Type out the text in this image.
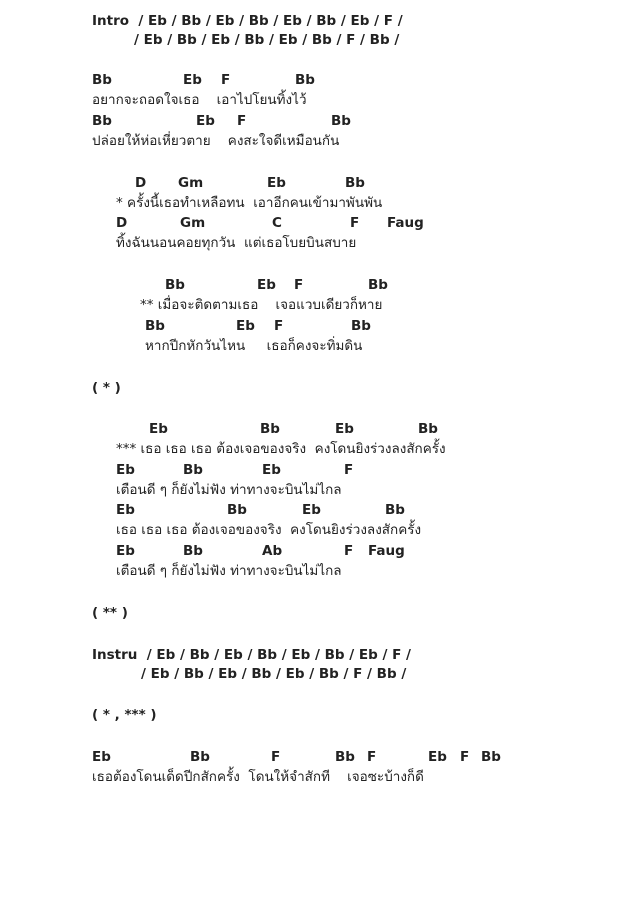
Intro  / Eb / Bb / Eb / Bb / Eb / Bb / Eb / F /
/ Eb / Bb / Eb / Bb / Eb / Bb / F / Bb /

Bb

	Eb

F

	Bb

อยากจะถอดใจเธอ    เอาไปโยนทิ้งไว้

Bb

	Eb

F

	Bb

ปล่อยให้ห่อเหี่ยวตาย    คงสะใจดีเหมือนกัน

D

Gm

	Eb

	Bb

* ครั้งนี้เธอทำเหลือทน  เอาอีกคนเข้ามาพันพัน

D

	Gm

	C

	F

Faug

ทิ้งฉันนอนคอยทุกวัน  แต่เธอโบยบินสบาย

Bb

	Eb

F

	Bb

** เมื่อจะติดตามเธอ    เจอแวบเดียวก็หาย

Bb

	Eb

F

	Bb

หากปีกหักวันไหน     เธอก็คงจะทิ่มดิน
( * )

Eb

	Bb

	Eb

	Bb

*** เธอ เธอ เธอ ต้องเจอของจริง  คงโดนยิงร่วงลงสักครั้ง

Eb

	Bb

	Eb

	F

เตือนดี ๆ ก็ยังไม่ฟัง ท่าทางจะบินไม่ไกล

Eb

	Bb

	Eb

	Bb

เธอ เธอ เธอ ต้องเจอของจริง  คงโดนยิงร่วงลงสักครั้ง

Eb

	Bb

	Ab

	F

Faug

เตือนดี ๆ ก็ยังไม่ฟัง ท่าทางจะบินไม่ไกล
( ** )
Instru  / Eb / Bb / Eb / Bb / Eb / Bb / Eb / F /
/ Eb / Bb / Eb / Bb / Eb / Bb / F / Bb /
( * , *** )

Eb

	Bb

	F

	Bb

F

	Eb

F

Bb

เธอต้องโดนเด็ดปีกสักครั้ง  โดนให้จำสักที    เจอซะบ้างก็ดี
